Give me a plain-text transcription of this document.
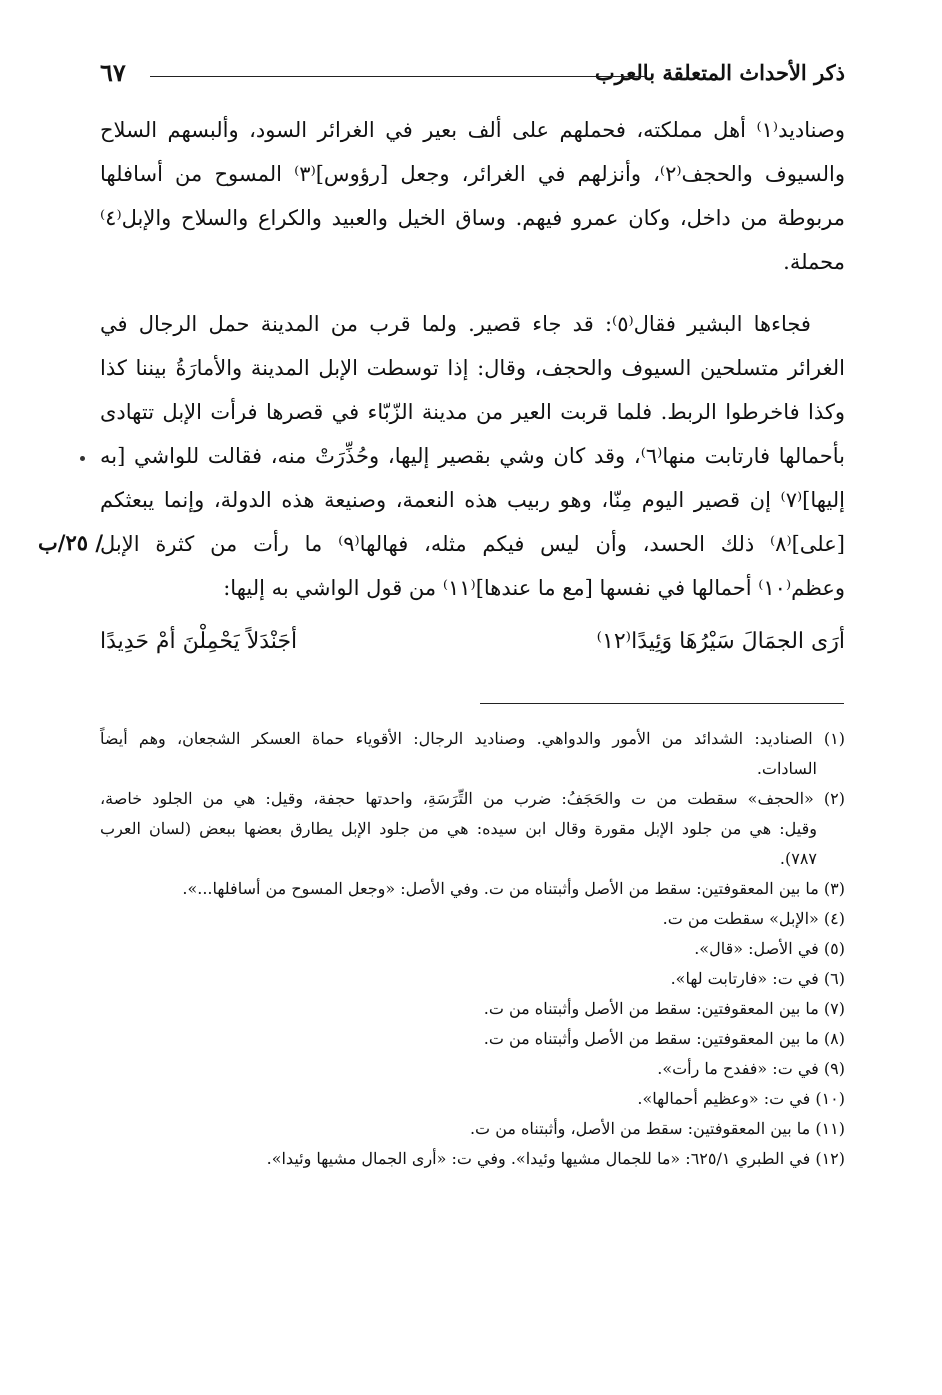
ذكر الأحداث المتعلقة بالعرب
٦٧
وصناديد⁽١⁾ أهل مملكته، فحملهم على ألف بعير في الغرائر السود، وألبسهم السلاح
والسيوف والحجف⁽٢⁾، وأنزلهم في الغرائر، وجعل [رؤوس]⁽٣⁾ المسوح من أسافلها
مربوطة من داخل، وكان عمرو فيهم. وساق الخيل والعبيد والكراع والسلاح والإبل⁽٤⁾
محملة.
فجاءها البشير فقال⁽٥⁾: قد جاء قصير. ولما قرب من المدينة حمل الرجال في
الغرائر متسلحين السيوف والحجف، وقال: إذا توسطت الإبل المدينة والأمارَةُ بيننا كذا
وكذا فاخرطوا الربط. فلما قربت العير من مدينة الزّبّاء في قصرها فرأت الإبل تتهادى
بأحمالها فارتابت منها⁽٦⁾، وقد كان وشي بقصير إليها، وحُذِّرَتْ منه، فقالت للواشي [به
إليها]⁽٧⁾ إن قصير اليوم مِنّا، وهو ربيب هذه النعمة، وصنيعة هذه الدولة، وإنما يبعثكم
[على]⁽٨⁾ ذلك الحسد، وأن ليس فيكم مثله، فهالها⁽٩⁾ ما رأت من كثرة الإبل
وعظم⁽١٠⁾ أحمالها في نفسها [مع ما عندها]⁽١١⁾ من قول الواشي به إليها:
/ ٢٥/ب
أرَى الجمَالَ سَيْرُهَا وَئِيدًا⁽١٢⁾
أجَنْدَلاً يَحْمِلْنَ أمْ حَدِيدًا
(١) الصناديد: الشدائد من الأمور والدواهي. وصناديد الرجال: الأقوياء حماة العسكر الشجعان، وهم أيضاً
السادات.
(٢) «الحجف» سقطت من ت والحَجَفُ: ضرب من التِّرَسَةِ، واحدتها حجفة، وقيل: هي من الجلود خاصة،
وقيل: هي من جلود الإبل مقورة وقال ابن سيده: هي من جلود الإبل يطارق بعضها ببعض (لسان العرب
٧٨٧).
(٣) ما بين المعقوفتين: سقط من الأصل وأثبتناه من ت. وفي الأصل: «وجعل المسوح من أسافلها...».
(٤) «الإبل» سقطت من ت.
(٥) في الأصل: «قال».
(٦) في ت: «فارتابت لها».
(٧) ما بين المعقوفتين: سقط من الأصل وأثبتناه من ت.
(٨) ما بين المعقوفتين: سقط من الأصل وأثبتناه من ت.
(٩) في ت: «ففدح ما رأت».
(١٠) في ت: «وعظيم أحمالها».
(١١) ما بين المعقوفتين: سقط من الأصل، وأثبتناه من ت.
(١٢) في الطبري ٦٢٥/١: «ما للجمال مشيها وئيدا». وفي ت: «أرى الجمال مشيها وئيدا».
